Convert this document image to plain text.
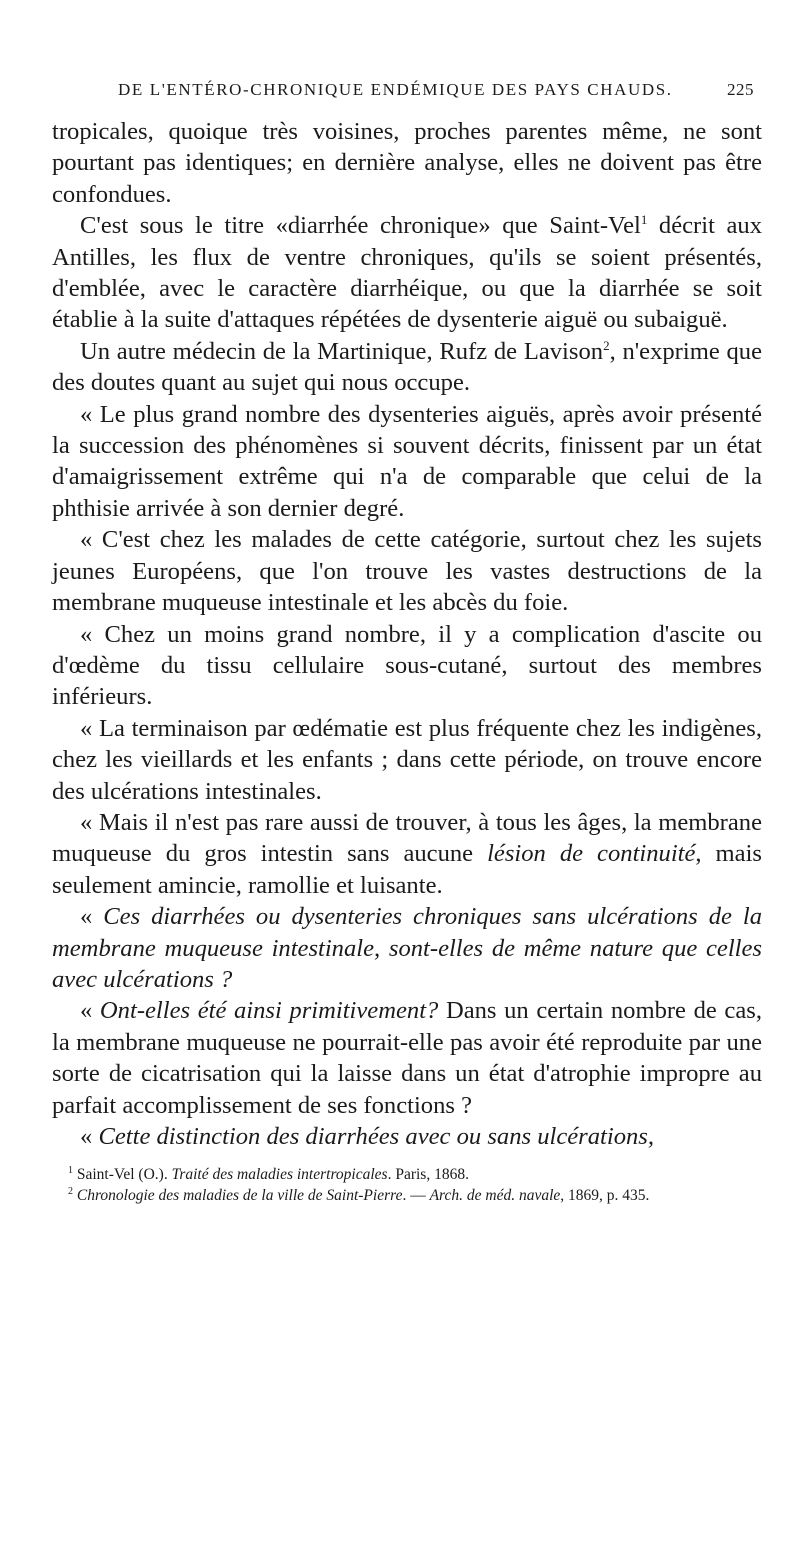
DE L'ENTÉRO-CHRONIQUE ENDÉMIQUE DES PAYS CHAUDS.	225

tropicales, quoique très voisines, proches parentes même, ne sont pourtant pas identiques; en dernière analyse, elles ne doivent pas être confondues.

C'est sous le titre «diarrhée chronique» que Saint-Vel$^1$ décrit aux Antilles, les flux de ventre chroniques, qu'ils se soient présentés, d'emblée, avec le caractère diarrhéique, ou que la diarrhée se soit établie à la suite d'attaques répétées de dysenterie aiguë ou subaiguë.

Un autre médecin de la Martinique, Rufz de Lavison$^2$, n'exprime que des doutes quant au sujet qui nous occupe.

« Le plus grand nombre des dysenteries aiguës, après avoir présenté la succession des phénomènes si souvent décrits, finissent par un état d'amaigrissement extrême qui n'a de comparable que celui de la phthisie arrivée à son dernier degré.

« C'est chez les malades de cette catégorie, surtout chez les sujets jeunes Européens, que l'on trouve les vastes destructions de la membrane muqueuse intestinale et les abcès du foie.

« Chez un moins grand nombre, il y a complication d'ascite ou d'œdème du tissu cellulaire sous-cutané, surtout des membres inférieurs.

« La terminaison par œdématie est plus fréquente chez les indigènes, chez les vieillards et les enfants ; dans cette période, on trouve encore des ulcérations intestinales.

« Mais il n'est pas rare aussi de trouver, à tous les âges, la membrane muqueuse du gros intestin sans aucune lésion de continuité, mais seulement amincie, ramollie et luisante.

« Ces diarrhées ou dysenteries chroniques sans ulcérations de la membrane muqueuse intestinale, sont-elles de même nature que celles avec ulcérations ?

« Ont-elles été ainsi primitivement? Dans un certain nombre de cas, la membrane muqueuse ne pourrait-elle pas avoir été reproduite par une sorte de cicatrisation qui la laisse dans un état d'atrophie impropre au parfait accomplissement de ses fonctions ?

« Cette distinction des diarrhées avec ou sans ulcérations,

$^1$ Saint-Vel (O.). Traité des maladies intertropicales. Paris, 1868.

$^2$ Chronologie des maladies de la ville de Saint-Pierre. — Arch. de méd. navale, 1869, p. 435.
